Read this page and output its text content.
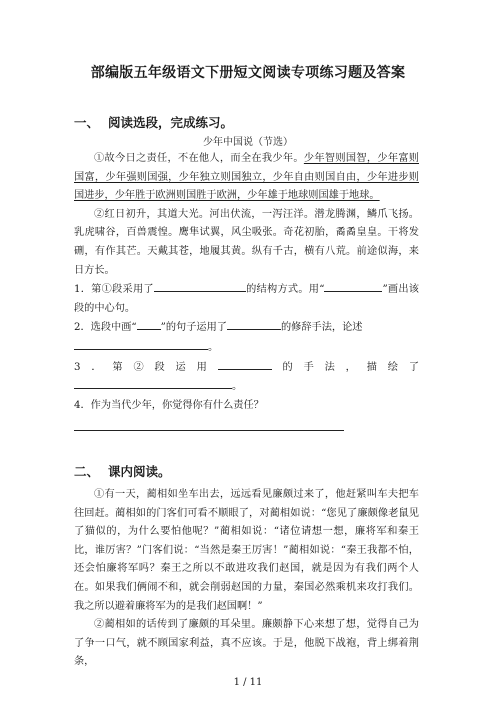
部编版五年级语文下册短文阅读专项练习题及答案
一、 阅读选段，完成练习。
少年中国说（节选）

①故今日之责任，不在他人，而全在我少年。少年智则国智，少年富则国富，少年强则国强，少年独立则国独立，少年自由则国自由，少年进步则国进步，少年胜于欧洲则国胜于欧洲，少年雄于地球则国雄于地球。

②红日初升，其道大光。河出伏流，一泻汪洋。潜龙腾渊，鳞爪飞扬。乳虎啸谷，百兽震惶。鹰隼试翼，风尘吸张。奇花初胎，矞矞皇皇。干将发硎，有作其芒。天戴其苍，地履其黄。纵有千古，横有八荒。前途似海，来日方长。

1．第①段采用了	的结构方式。用“	”画出该段的中心句。

2．选段中画“ ”的句子运用了	的修辞手法，论述

。

3．第②段运用	的手法，描绘了。

4．作为当代少年，你觉得你有什么责任？

二、 课内阅读。

①有一天，蔺相如坐车出去，远远看见廉颇过来了，他赶紧叫车夫把车往回赶。蔺相如的门客们可看不顺眼了，对蔺相如说：“您见了廉颇像老鼠见了猫似的，为什么要怕他呢？”蔺相如说：“诸位请想一想，廉将军和秦王比，谁厉害？”门客们说：“当然是秦王厉害！”蔺相如说：“秦王我都不怕，还会怕廉将军吗？秦王之所以不敢进攻我们赵国，就是因为有我们两个人在。如果我们俩闹不和，就会削弱赵国的力量，秦国必然乘机来攻打我们。我之所以避着廉将军为的是我们赵国啊！”

②蔺相如的话传到了廉颇的耳朵里。廉颇静下心来想了想，觉得自己为了争一口气，就不顾国家利益，真不应该。于是，他脱下战袍，背上绑着荆条，

1 / 11
